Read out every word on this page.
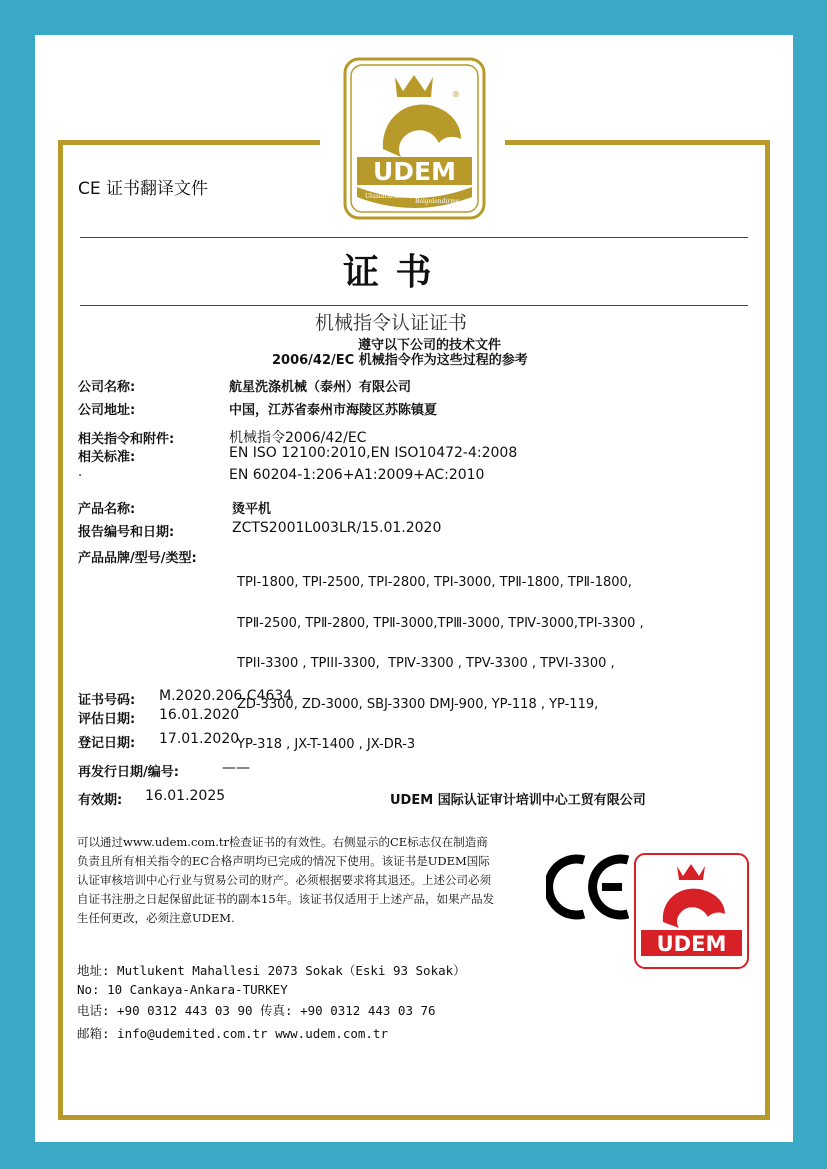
®
UDEM
Uluslararası
Belgelendirme
CE 证书翻译文件
证 书
机械指令认证证书
遵守以下公司的技术文件
2006/42/EC 机械指令作为这些过程的参考
公司名称:	航星洗涤机械（泰州）有限公司
公司地址:	中国，江苏省泰州市海陵区苏陈镇夏
相关指令和附件:	机械指令2006/42/EC
相关标准:	EN ISO 12100:2010,EN ISO10472-4:2008
.	EN 60204-1:206+A1:2009+AC:2010
产品名称:	烫平机
报告编号和日期:	ZCTS2001L003LR/15.01.2020
产品品牌/型号/类型:

TPⅠ-1800, TPⅠ-2500, TPⅠ-2800, TPⅠ-3000, TPⅡ-1800, TPⅡ-1800,

TPⅡ-2500, TPⅡ-2800, TPⅡ-3000,TPⅢ-3000, TPⅣ-3000,TPI-3300 ,

TPII-3300 , TPIII-3300,  TPⅣ-3300 , TPV-3300 , TPVI-3300 ,

ZD-3300, ZD-3000, SBJ-3300 DMJ-900, YP-118 , YP-119,

YP-318 , JX-T-1400 , JX-DR-3

证书号码: M.2020.206.C4634
评估日期: 16.01.2020
登记日期: 17.01.2020
再发行日期/编号:	——
有效期: 16.01.2025	UDEM 国际认证审计培训中心工贸有限公司
可以通过www.udem.com.tr检查证书的有效性。右侧显示的CE标志仅在制造商负责且所有相关指令的EC合格声明均已完成的情况下使用。该证书是UDEM国际认证审核培训中心行业与贸易公司的财产。必须根据要求将其退还。上述公司必须自证书注册之日起保留此证书的副本15年。该证书仅适用于上述产品，如果产品发生任何更改，必须注意UDEM.
地址: Mutlukent Mahallesi 2073 Sokak（Eski 93 Sokak）
No: 10 Cankaya-Ankara-TURKEY
电话: +90 0312 443 03 90 传真: +90 0312 443 03 76
邮箱: info@udemited.com.tr www.udem.com.tr
UDEM
